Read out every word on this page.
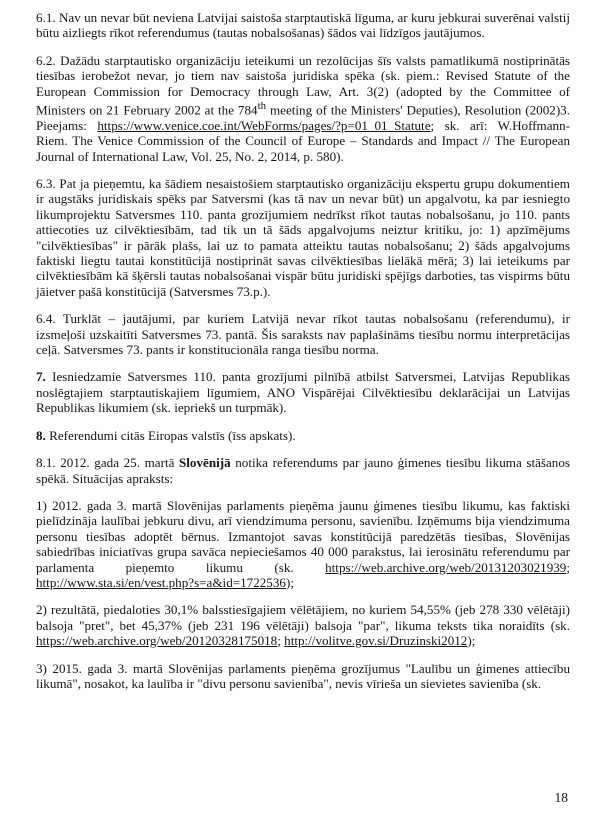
6.1. Nav un nevar būt neviena Latvijai saistoša starptautiskā līguma, ar kuru jebkurai suverēnai valstij būtu aizliegts rīkot referendumus (tautas nobalsošanas) šādos vai līdzīgos jautājumos.

6.2. Dažādu starptautisko organizāciju ieteikumi un rezolūcijas šīs valsts pamatlikumā nostiprinātās tiesības ierobežot nevar, jo tiem nav saistoša juridiska spēka (sk. piem.: Revised Statute of the European Commission for Democracy through Law, Art. 3(2) (adopted by the Committee of Ministers on 21 February 2002 at the 784th meeting of the Ministers' Deputies), Resolution (2002)3. Pieejams: https://www.venice.coe.int/WebForms/pages/?p=01_01_Statute; sk. arī: W.Hoffmann-Riem. The Venice Commission of the Council of Europe – Standards and Impact // The European Journal of International Law, Vol. 25, No. 2, 2014, p. 580).

6.3. Pat ja pieņemtu, ka šādiem nesaistošiem starptautisko organizāciju ekspertu grupu dokumentiem ir augstāks juridiskais spēks par Satversmi (kas tā nav un nevar būt) un apgalvotu, ka par iesniegto likumprojektu Satversmes 110. panta grozījumiem nedrīkst rīkot tautas nobalsošanu, jo 110. pants attiecoties uz cilvēktiesībām, tad tik un tā šāds apgalvojums neiztur kritiku, jo: 1) apzīmējums "cilvēktiesības" ir pārāk plašs, lai uz to pamata atteiktu tautas nobalsošanu; 2) šāds apgalvojums faktiski liegtu tautai konstitūcijā nostiprināt savas cilvēktiesības lielākā mērā; 3) lai ieteikums par cilvēktiesībām kā šķērsli tautas nobalsošanai vispār būtu juridiski spējīgs darboties, tas vispirms būtu jāietver pašā konstitūcijā (Satversmes 73.p.).

6.4. Turklāt – jautājumi, par kuriem Latvijā nevar rīkot tautas nobalsošanu (referendumu), ir izsmeļoši uzskaitīti Satversmes 73. pantā. Šis saraksts nav paplašināms tiesību normu interpretācijas ceļā. Satversmes 73. pants ir konstitucionāla ranga tiesību norma.

7. Iesniedzamie Satversmes 110. panta grozījumi pilnībā atbilst Satversmei, Latvijas Republikas noslēgtajiem starptautiskajiem līgumiem, ANO Vispārējai Cilvēktiesību deklarācijai un Latvijas Republikas likumiem (sk. iepriekš un turpmāk).

8. Referendumi citās Eiropas valstīs (īss apskats).

8.1. 2012. gada 25. martā Slovēnijā notika referendums par jauno ģimenes tiesību likuma stāšanos spēkā. Situācijas apraksts:

1) 2012. gada 3. martā Slovēnijas parlaments pieņēma jaunu ģimenes tiesību likumu, kas faktiski pielīdzināja laulībai jebkuru divu, arī viendzimuma personu, savienību. Izņēmums bija viendzimuma personu tiesības adoptēt bērnus. Izmantojot savas konstitūcijā paredzētās tiesības, Slovēnijas sabiedrības iniciatīvas grupa savāca nepieciešamos 40 000 parakstus, lai ierosinātu referendumu par parlamenta pieņemto likumu (sk. https://web.archive.org/web/20131203021939; http://www.sta.si/en/vest.php?s=a&id=1722536);

2) rezultātā, piedaloties 30,1% balsstiesīgajiem vēlētājiem, no kuriem 54,55% (jeb 278 330 vēlētāji) balsoja "pret", bet 45,37% (jeb 231 196 vēlētāji) balsoja "par", likuma teksts tika noraidīts (sk. https://web.archive.org/web/20120328175018; http://volitve.gov.si/Druzinski2012);

3) 2015. gada 3. martā Slovēnijas parlaments pieņēma grozījumus "Laulību un ģimenes attiecību likumā", nosakot, ka laulība ir "divu personu savienība", nevis vīrieša un sievietes savienība (sk.

18
